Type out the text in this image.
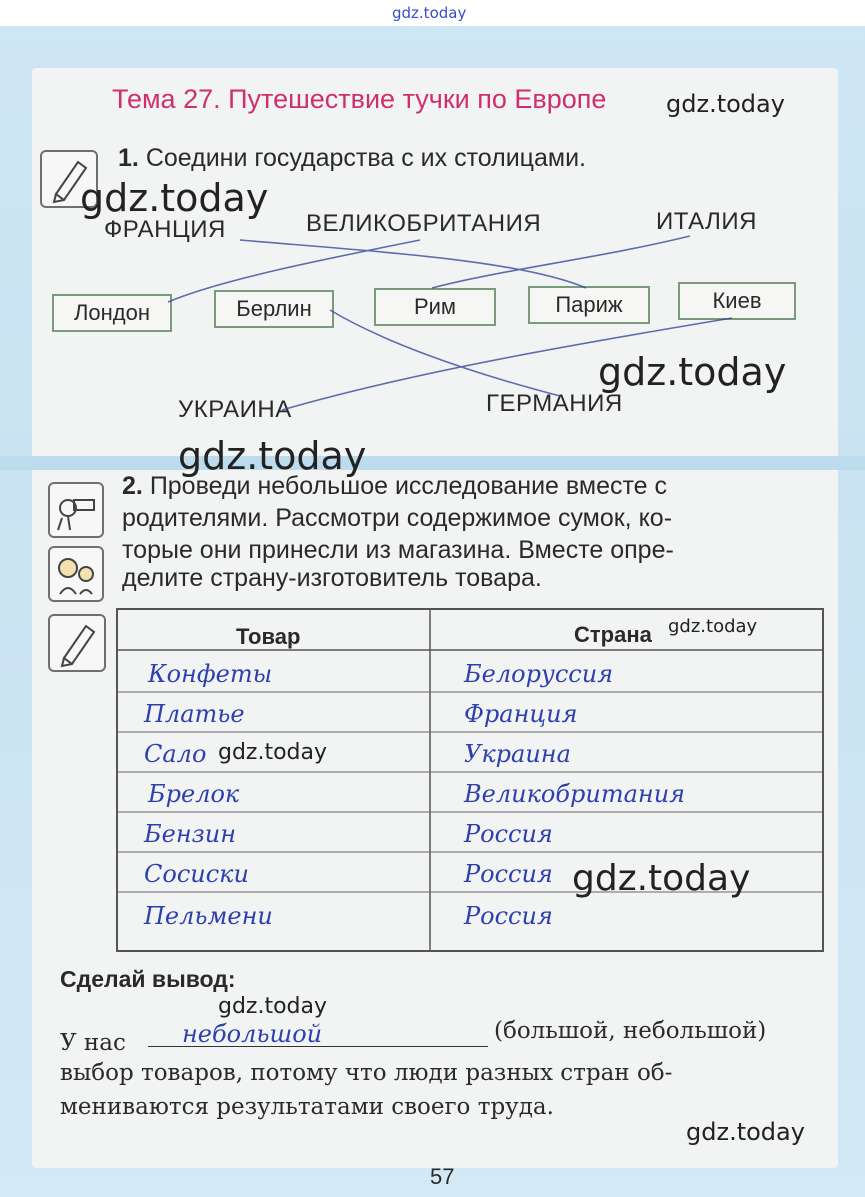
gdz.today
Тема 27. Путешествие тучки по Европе gdz.today
1. Соедини государства с их столицами.
gdz.today
ФРАНЦИЯ	ВЕЛИКОБРИТАНИЯ	ИТАЛИЯ
УКРАИНА	ГЕРМАНИЯ
Лондон	Берлин	Рим	Париж	Киев
gdz.today
gdz.today
2. Проведи небольшое исследование вместе с
родителями. Рассмотри содержимое сумок, ко-
торые они принесли из магазина. Вместе опре-
делите страну-изготовитель товара.
Товар	Страна
Конфеты	Белоруссия
Платье	Франция
Сало	Украина
Брелок	Великобритания
Бензин	Россия
Сосиски	Россия
Пельмени	Россия
gdz.today
gdz.today
gdz.today
Сделай вывод:
gdz.today
У нас небольшой	(большой, небольшой)
выбор товаров, потому что люди разных стран об-
мениваются результатами своего труда.
gdz.today
57
